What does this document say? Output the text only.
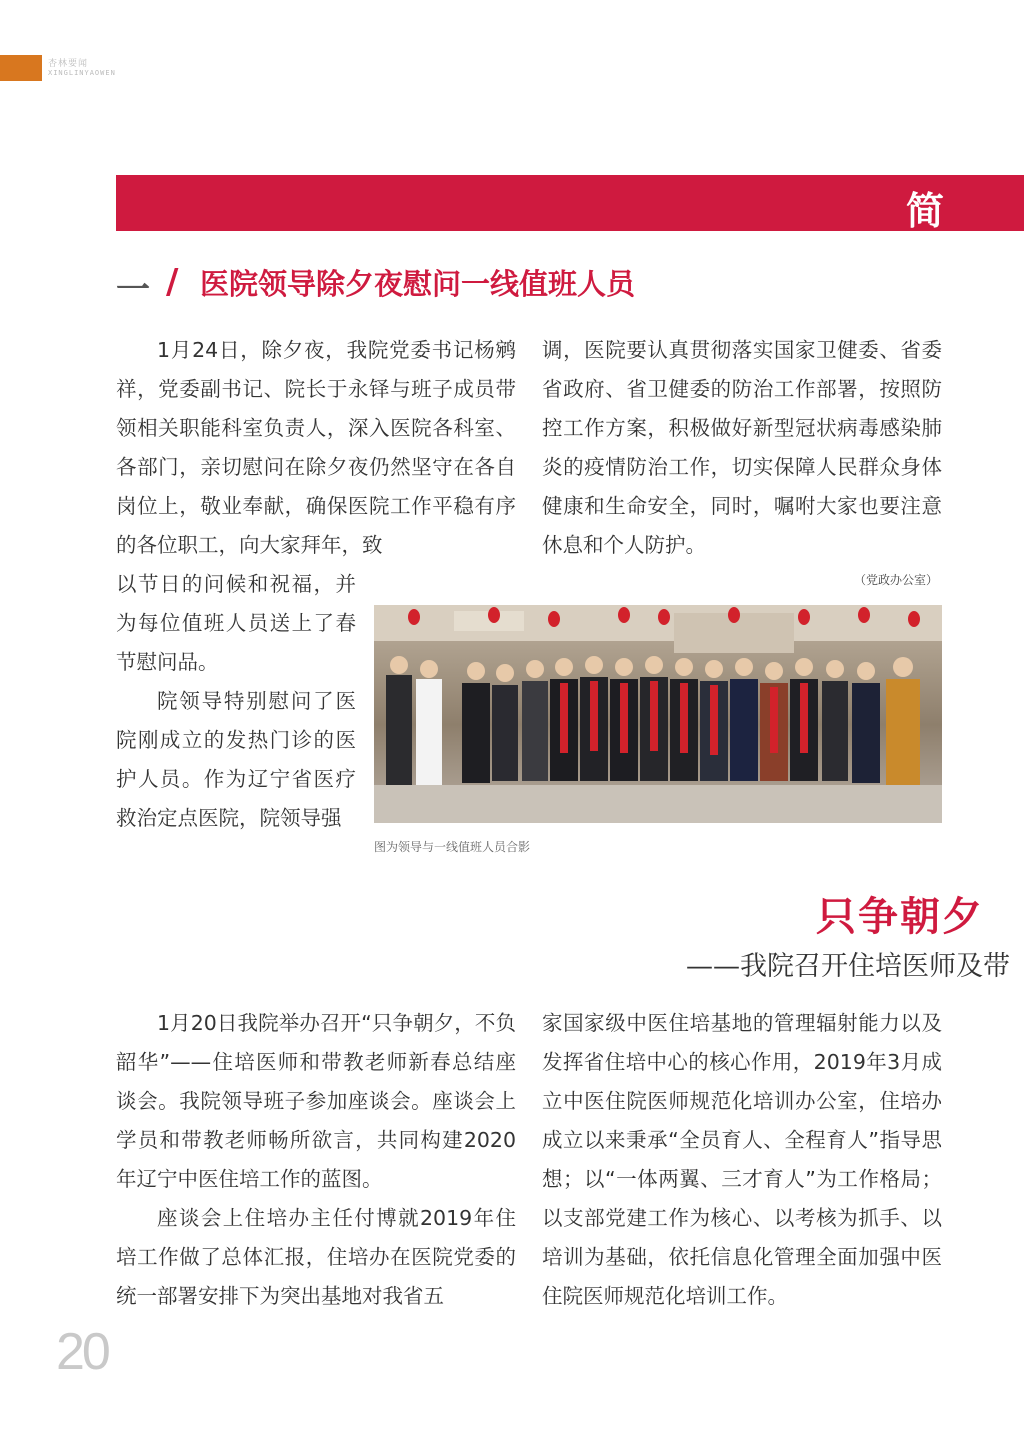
杏林要闻
XINGLINYAOWEN
简
一 / 医院领导除夕夜慰问一线值班人员

1月24日，除夕夜，我院党委书记杨鹓祥，党委副书记、院长于永铎与班子成员带领相关职能科室负责人，深入医院各科室、各部门，亲切慰问在除夕夜仍然坚守在各自岗位上，敬业奉献，确保医院工作平稳有序的各位职工，向大家拜年，致

以节日的问候和祝福，并为每位值班人员送上了春节慰问品。

院领导特别慰问了医院刚成立的发热门诊的医护人员。作为辽宁省医疗救治定点医院，院领导强

调，医院要认真贯彻落实国家卫健委、省委省政府、省卫健委的防治工作部署，按照防控工作方案，积极做好新型冠状病毒感染肺炎的疫情防治工作，切实保障人民群众身体健康和生命安全，同时，嘱咐大家也要注意休息和个人防护。

（党政办公室）
图为领导与一线值班人员合影
只争朝夕
——我院召开住培医师及带

1月20日我院举办召开“只争朝夕，不负韶华”——住培医师和带教老师新春总结座谈会。我院领导班子参加座谈会。座谈会上学员和带教老师畅所欲言，共同构建2020年辽宁中医住培工作的蓝图。

座谈会上住培办主任付博就2019年住培工作做了总体汇报，住培办在医院党委的统一部署安排下为突出基地对我省五

家国家级中医住培基地的管理辐射能力以及发挥省住培中心的核心作用，2019年3月成立中医住院医师规范化培训办公室，住培办成立以来秉承“全员育人、全程育人”指导思想；以“一体两翼、三才育人”为工作格局；以支部党建工作为核心、以考核为抓手、以培训为基础，依托信息化管理全面加强中医住院医师规范化培训工作。

20
